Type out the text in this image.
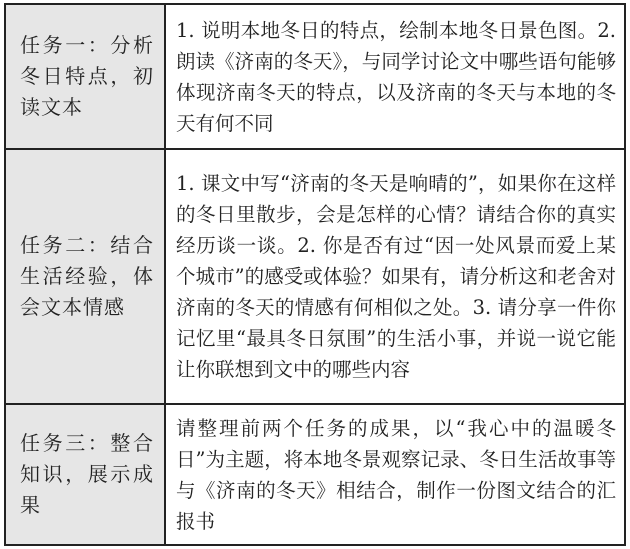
任务一：分析冬日特点，初读文本
1. 说明本地冬日的特点，绘制本地冬日景色图。2. 朗读《济南的冬天》，与同学讨论文中哪些语句能够体现济南冬天的特点，以及济南的冬天与本地的冬天有何不同
任务二：结合生活经验，体会文本情感
1. 课文中写“济南的冬天是响晴的”，如果你在这样的冬日里散步，会是怎样的心情？请结合你的真实经历谈一谈。2. 你是否有过“因一处风景而爱上某个城市”的感受或体验？如果有，请分析这和老舍对济南的冬天的情感有何相似之处。3. 请分享一件你记忆里“最具冬日氛围”的生活小事，并说一说它能让你联想到文中的哪些内容
任务三：整合知识，展示成果
请整理前两个任务的成果，以“我心中的温暖冬日”为主题，将本地冬景观察记录、冬日生活故事等与《济南的冬天》相结合，制作一份图文结合的汇报书
